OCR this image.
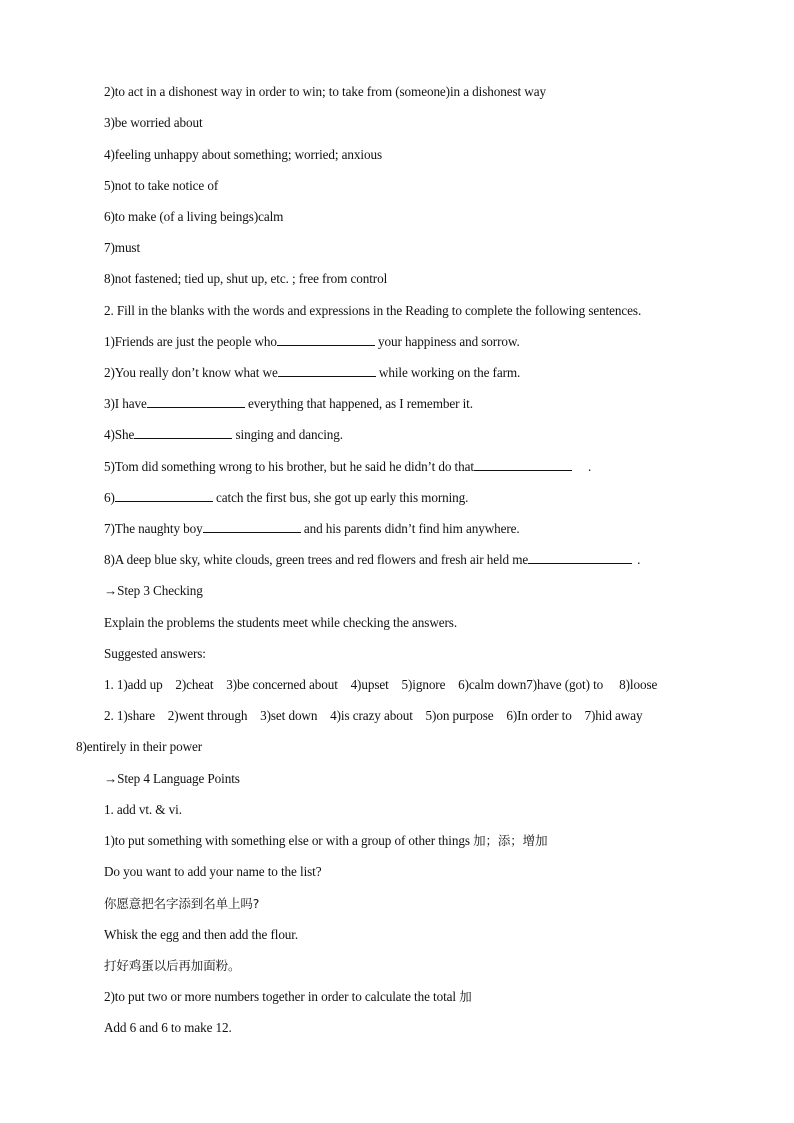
2)to act in a dishonest way in order to win; to take from (someone)in a dishonest way
3)be worried about
4)feeling unhappy about something; worried; anxious
5)not to take notice of
6)to make (of a living beings)calm
7)must
8)not fastened; tied up, shut up, etc. ; free from control
2. Fill in the blanks with the words and expressions in the Reading to complete the following sentences.
1)Friends are just the people who	your happiness and sorrow.
2)You really don’t know what we	while working on the farm.
3)I have	everything that happened, as I remember it.
4)She	singing and dancing.
5)Tom did something wrong to his brother, but he said he didn’t do that	.
6)	catch the first bus, she got up early this morning.
7)The naughty boy	and his parents didn’t find him anywhere.
8)A deep blue sky, white clouds, green trees and red flowers and fresh air held me	.
→Step 3 Checking
Explain the problems the students meet while checking the answers.
Suggested answers:
1. 1)add up    2)cheat    3)be concerned about    4)upset    5)ignore    6)calm down7)have (got) to     8)loose
2. 1)share    2)went through    3)set down    4)is crazy about    5)on purpose    6)In order to    7)hid away
8)entirely in their power
→Step 4 Language Points
1. add vt. & vi.
1)to put something with something else or with a group of other things 加；添；增加
Do you want to add your name to the list?
你愿意把名字添到名单上吗?
Whisk the egg and then add the flour.
打好鸡蛋以后再加面粉。
2)to put two or more numbers together in order to calculate the total 加
Add 6 and 6 to make 12.
